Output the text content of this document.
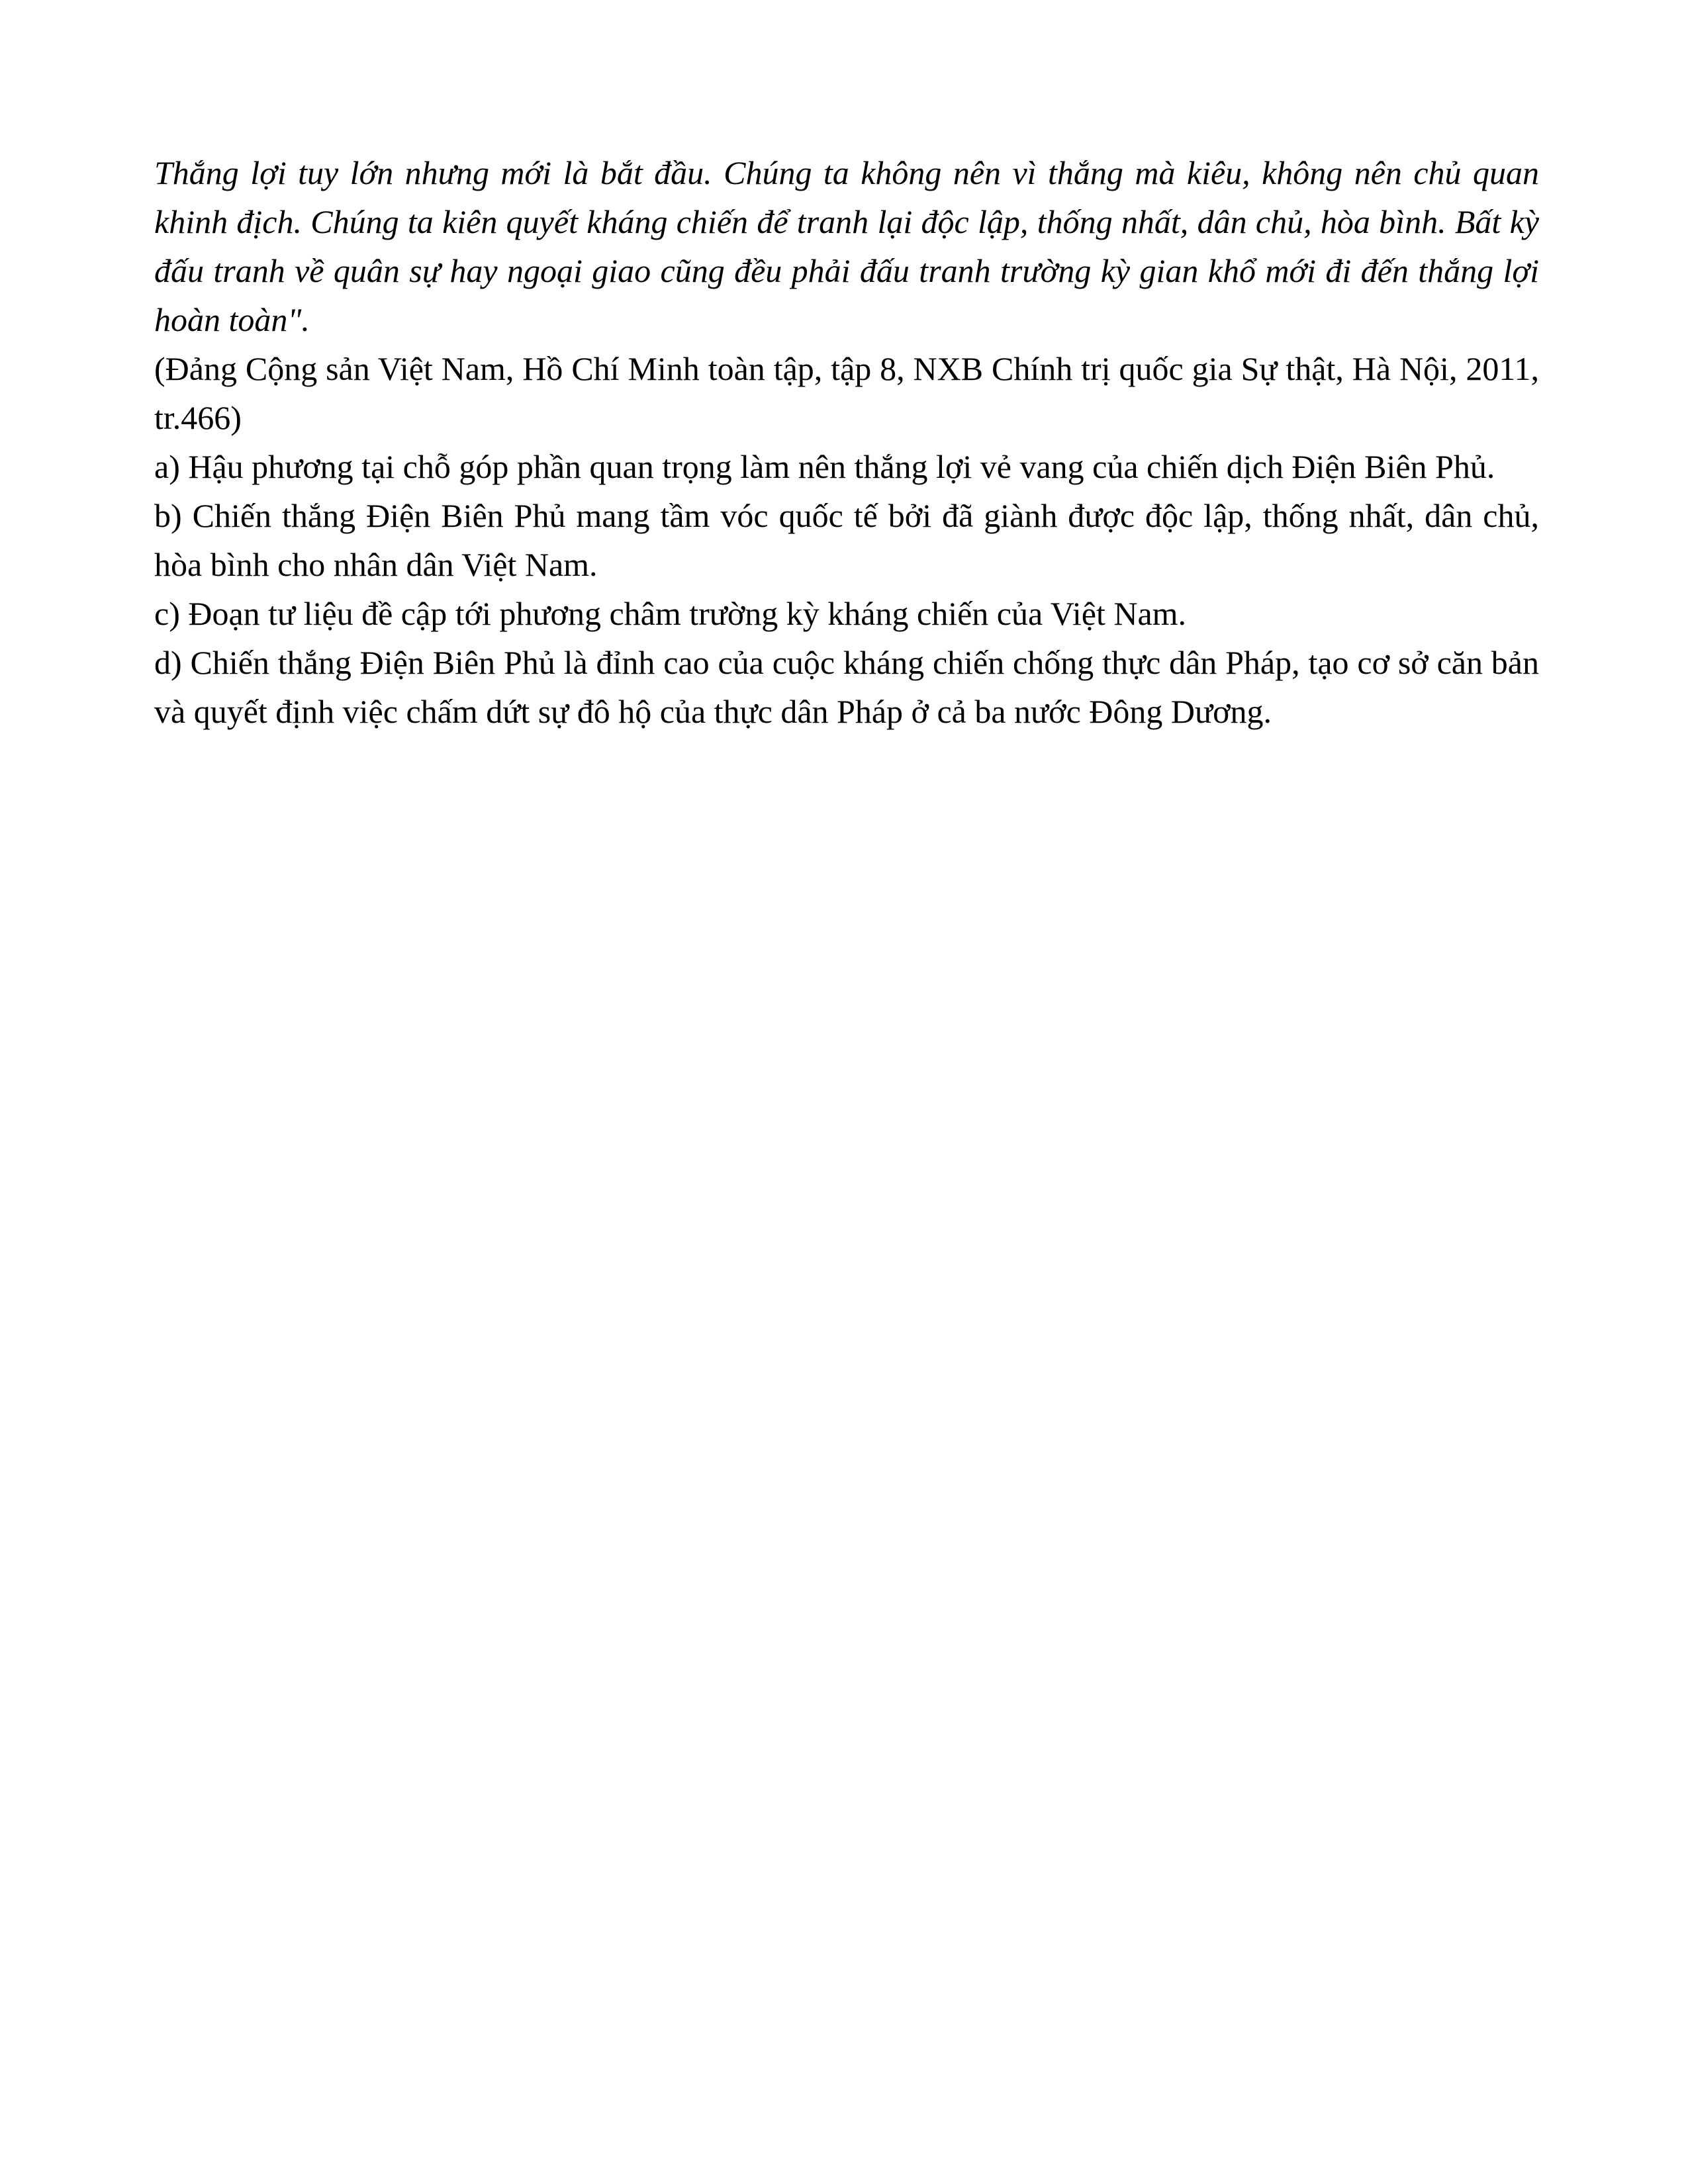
Thắng lợi tuy lớn nhưng mới là bắt đầu. Chúng ta không nên vì thắng mà kiêu, không nên chủ quan khinh địch. Chúng ta kiên quyết kháng chiến để tranh lại độc lập, thống nhất, dân chủ, hòa bình. Bất kỳ đấu tranh về quân sự hay ngoại giao cũng đều phải đấu tranh trường kỳ gian khổ mới đi đến thắng lợi hoàn toàn".

(Đảng Cộng sản Việt Nam, Hồ Chí Minh toàn tập, tập 8, NXB Chính trị quốc gia Sự thật, Hà Nội, 2011, tr.466)

a) Hậu phương tại chỗ góp phần quan trọng làm nên thắng lợi vẻ vang của chiến dịch Điện Biên Phủ.

b) Chiến thắng Điện Biên Phủ mang tầm vóc quốc tế bởi đã giành được độc lập, thống nhất, dân chủ, hòa bình cho nhân dân Việt Nam.

c) Đoạn tư liệu đề cập tới phương châm trường kỳ kháng chiến của Việt Nam.

d) Chiến thắng Điện Biên Phủ là đỉnh cao của cuộc kháng chiến chống thực dân Pháp, tạo cơ sở căn bản và quyết định việc chấm dứt sự đô hộ của thực dân Pháp ở cả ba nước Đông Dương.
